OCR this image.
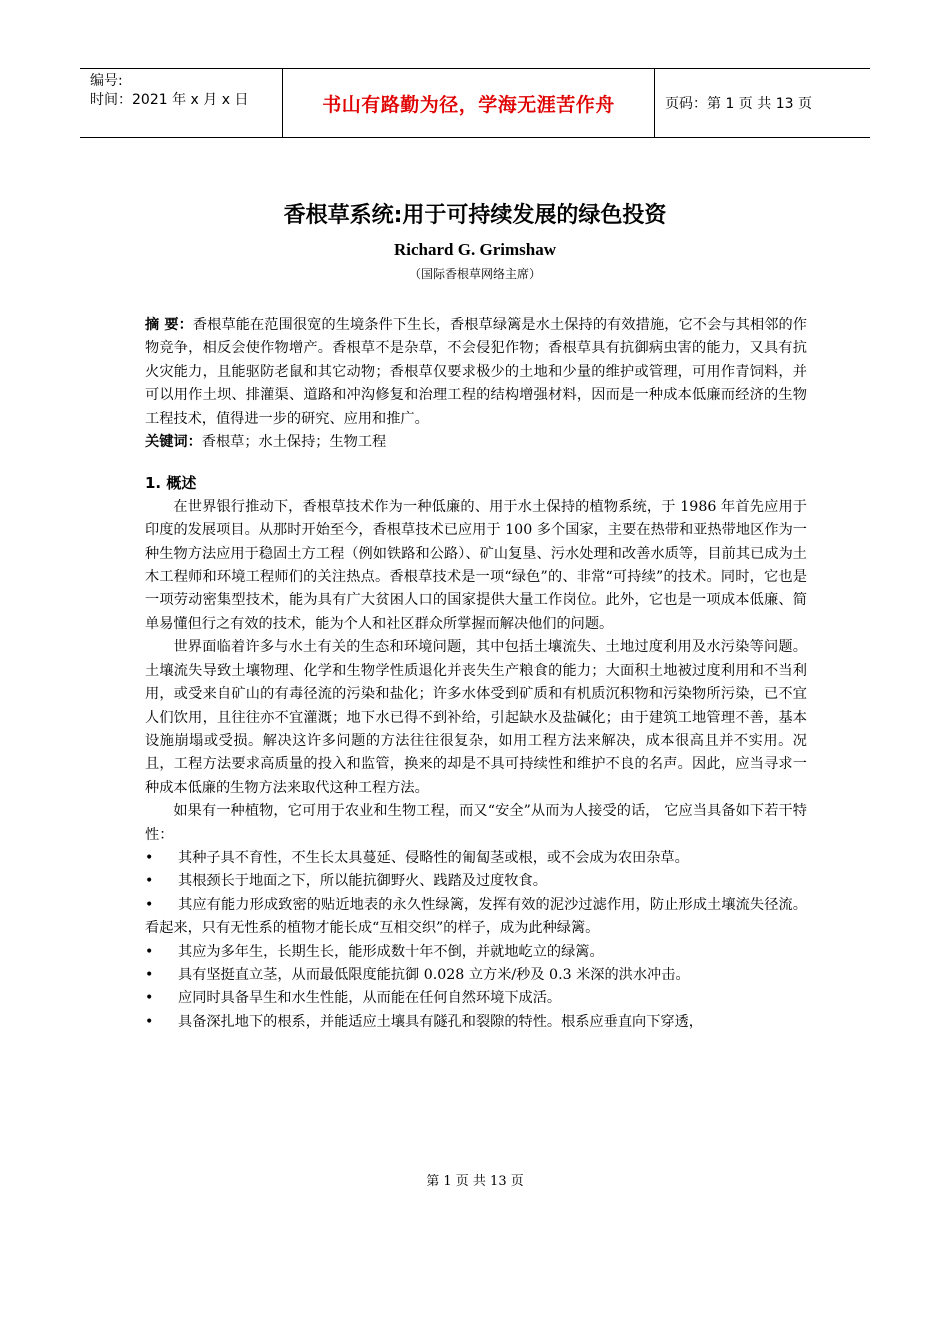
编号:
时间：2021 年 x 月 x 日	书山有路勤为径，学海无涯苦作舟	页码：第 1 页 共 13 页
香根草系统:用于可持续发展的绿色投资
Richard G. Grimshaw
（国际香根草网络主席）

摘 要：香根草能在范围很宽的生境条件下生长，香根草绿篱是水土保持的有效措施，它不会与其相邻的作物竞争，相反会使作物增产。香根草不是杂草，不会侵犯作物；香根草具有抗御病虫害的能力，又具有抗火灾能力，且能驱防老鼠和其它动物；香根草仅要求极少的土地和少量的维护或管理，可用作青饲料，并可以用作土坝、排灌渠、道路和冲沟修复和治理工程的结构增强材料，因而是一种成本低廉而经济的生物工程技术，值得进一步的研究、应用和推广。

关键词：香根草；水土保持；生物工程

1. 概述

在世界银行推动下，香根草技术作为一种低廉的、用于水土保持的植物系统，于 1986 年首先应用于印度的发展项目。从那时开始至今，香根草技术已应用于 100 多个国家，主要在热带和亚热带地区作为一种生物方法应用于稳固土方工程（例如铁路和公路）、矿山复垦、污水处理和改善水质等，目前其已成为土木工程师和环境工程师们的关注热点。香根草技术是一项“绿色”的、非常“可持续”的技术。同时，它也是一项劳动密集型技术，能为具有广大贫困人口的国家提供大量工作岗位。此外，它也是一项成本低廉、简单易懂但行之有效的技术，能为个人和社区群众所掌握而解决他们的问题。

世界面临着许多与水土有关的生态和环境问题，其中包括土壤流失、土地过度利用及水污染等问题。土壤流失导致土壤物理、化学和生物学性质退化并丧失生产粮食的能力；大面积土地被过度利用和不当利用，或受来自矿山的有毒径流的污染和盐化；许多水体受到矿质和有机质沉积物和污染物所污染，已不宜人们饮用，且往往亦不宜灌溉；地下水已得不到补给，引起缺水及盐碱化；由于建筑工地管理不善，基本设施崩塌或受损。解决这许多问题的方法往往很复杂，如用工程方法来解决，成本很高且并不实用。况且，工程方法要求高质量的投入和监管，换来的却是不具可持续性和维护不良的名声。因此，应当寻求一种成本低廉的生物方法来取代这种工程方法。

如果有一种植物，它可用于农业和生物工程，而又“安全”从而为人接受的话， 它应当具备如下若干特性：

• 其种子具不育性，不生长太具蔓延、侵略性的匍匐茎或根，或不会成为农田杂草。
• 其根颈长于地面之下，所以能抗御野火、践踏及过度牧食。
• 其应有能力形成致密的贴近地表的永久性绿篱，发挥有效的泥沙过滤作用，防止形成土壤流失径流。看起来，只有无性系的植物才能长成“互相交织”的样子，成为此种绿篱。
• 其应为多年生，长期生长，能形成数十年不倒，并就地屹立的绿篱。
• 具有坚挺直立茎，从而最低限度能抗御 0.028 立方米/秒及 0.3 米深的洪水冲击。
• 应同时具备旱生和水生性能，从而能在任何自然环境下成活。
• 具备深扎地下的根系，并能适应土壤具有隧孔和裂隙的特性。根系应垂直向下穿透，
第 1 页 共 13 页
